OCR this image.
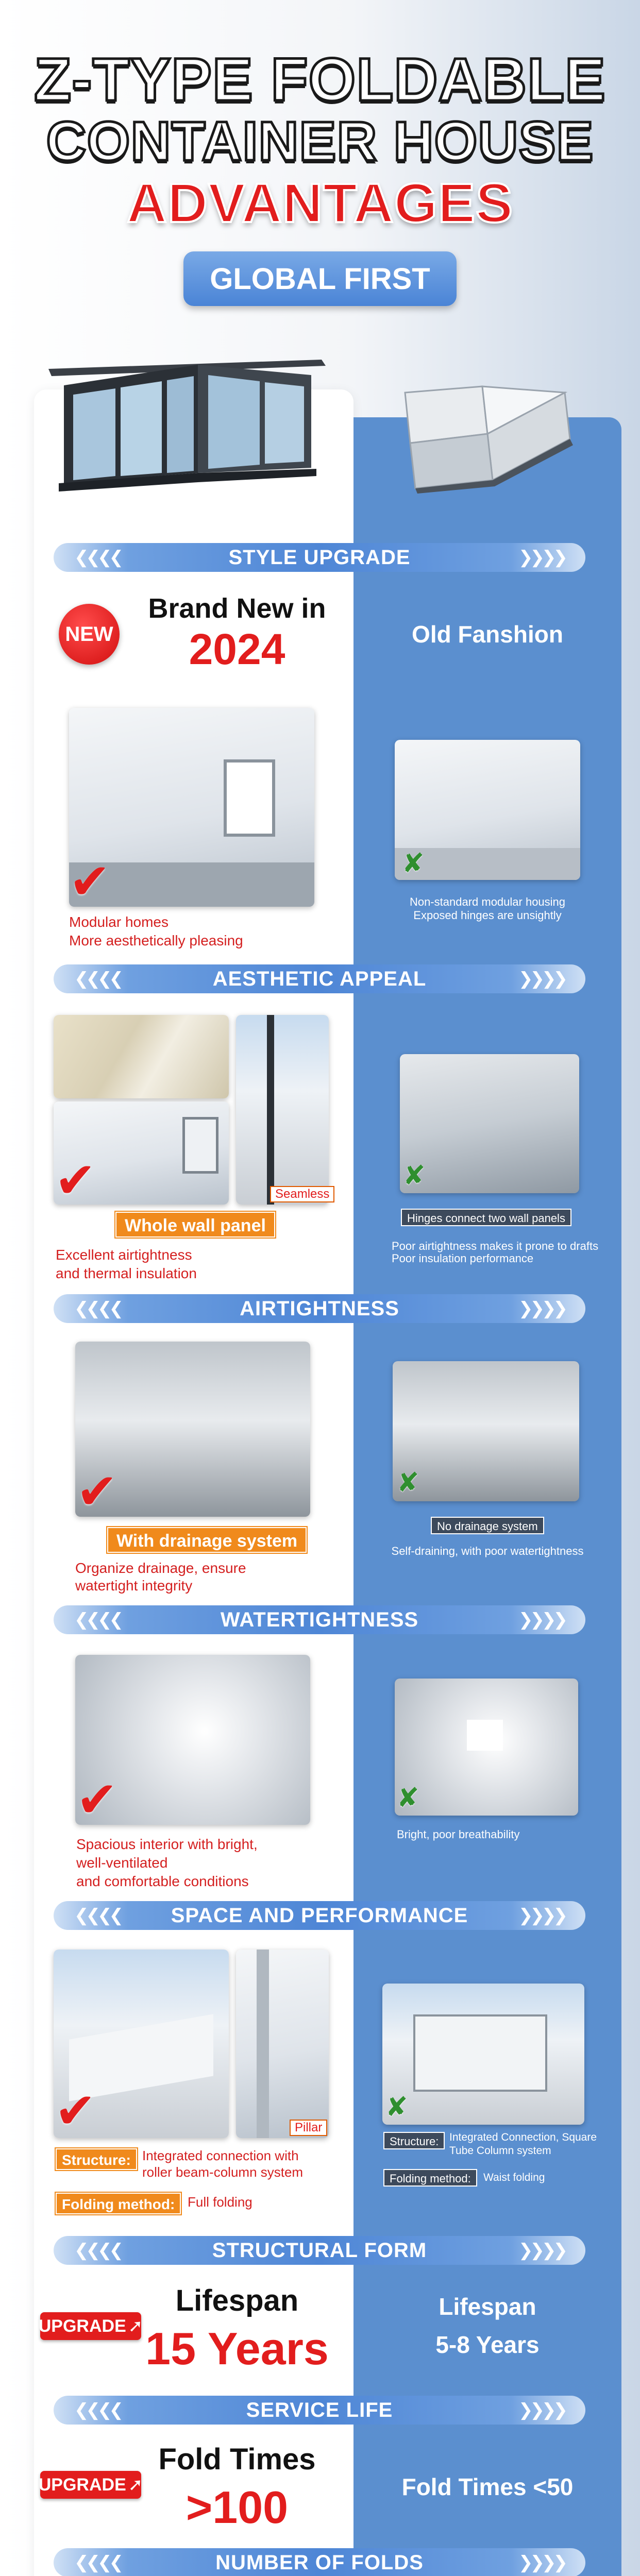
Z-TYPE FOLDABLE
CONTAINER HOUSE
ADVANTAGES
GLOBAL FIRST
❮❮❮❮	STYLE UPGRADE	❯❯❯❯
NEW
Brand New in
2024	Old Fanshion
✔
Modular homes
More aesthetically pleasing
✘
Non-standard modular housing
Exposed hinges are unsightly
❮❮❮❮	AESTHETIC APPEAL	❯❯❯❯
Seamless
✔
Whole wall panel
Excellent airtightness
and thermal insulation
✘
Hinges connect two wall panels
Poor airtightness makes it prone to drafts
Poor insulation performance
❮❮❮❮	AIRTIGHTNESS	❯❯❯❯
✔
With drainage system
Organize drainage, ensure
watertight integrity
✘
No drainage system
Self-draining, with poor watertightness
❮❮❮❮	WATERTIGHTNESS	❯❯❯❯
✔
Spacious interior with bright,
well-ventilated
and comfortable conditions
✘
Bright, poor breathability
❮❮❮❮ SPACE AND PERFORMANCE	❯❯❯❯
Pillar
✔
Structure: Integrated connection with
roller beam-column system
Folding method: Full folding
✘
Structure: Integrated Connection, Square
Tube Column system
Folding method:	Waist folding
❮❮❮❮	STRUCTURAL FORM	❯❯❯❯
UPGRADE ➚
Lifespan
15 Years
Lifespan
5-8 Years
❮❮❮❮	SERVICE LIFE	❯❯❯❯
UPGRADE ➚
Fold Times
>100	Fold Times <50
❮❮❮❮	NUMBER OF FOLDS	❯❯❯❯
